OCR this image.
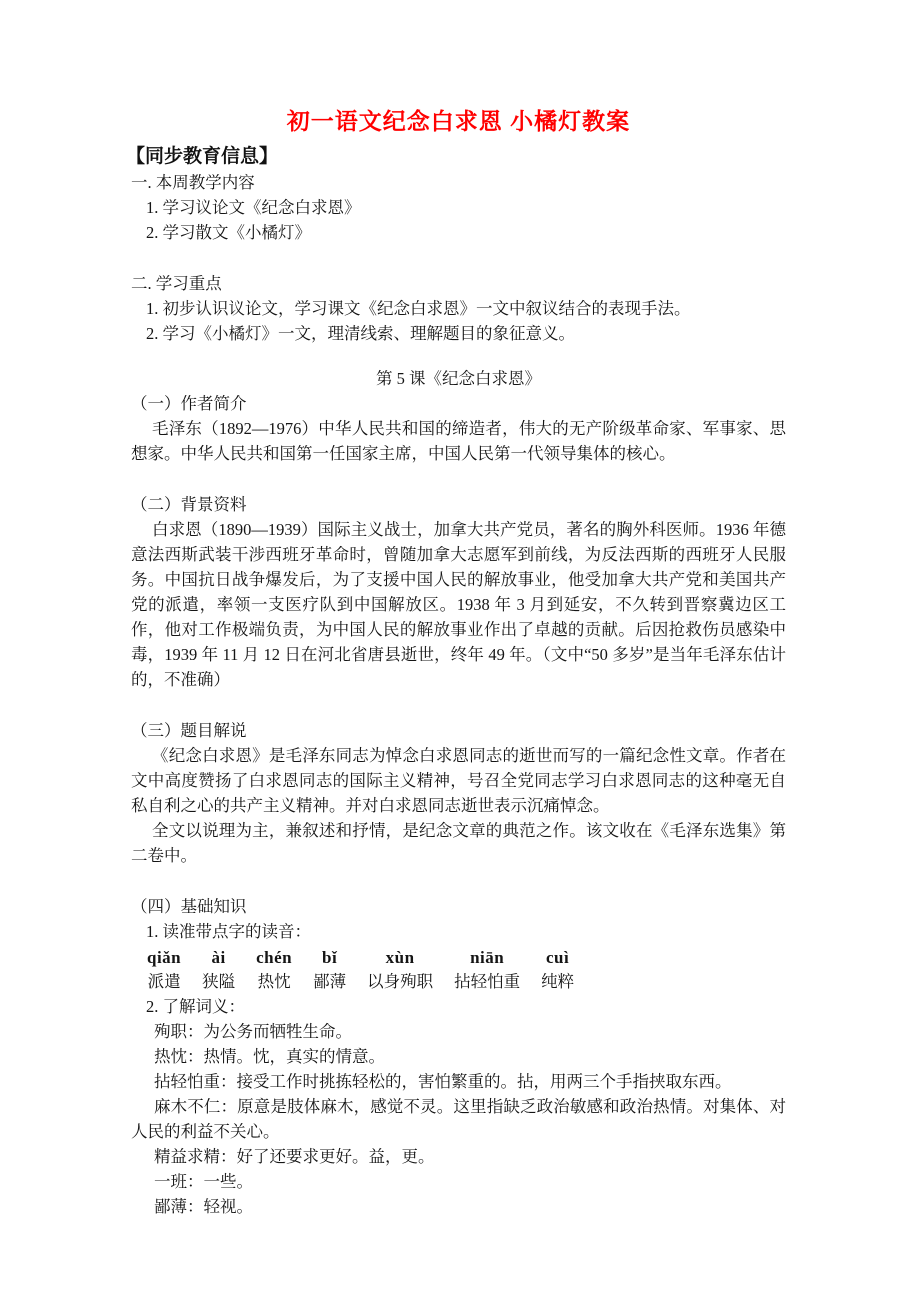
初一语文纪念白求恩 小橘灯教案
【同步教育信息】

一. 本周教学内容

1. 学习议论文《纪念白求恩》

2. 学习散文《小橘灯》

二. 学习重点

1. 初步认识议论文，学习课文《纪念白求恩》一文中叙议结合的表现手法。

2. 学习《小橘灯》一文，理清线索、理解题目的象征意义。

第 5 课《纪念白求恩》

（一）作者简介

毛泽东（1892—1976）中华人民共和国的缔造者，伟大的无产阶级革命家、军事家、思想家。中华人民共和国第一任国家主席，中国人民第一代领导集体的核心。

（二）背景资料

白求恩（1890—1939）国际主义战士，加拿大共产党员，著名的胸外科医师。1936 年德意法西斯武装干涉西班牙革命时，曾随加拿大志愿军到前线，为反法西斯的西班牙人民服务。中国抗日战争爆发后，为了支援中国人民的解放事业，他受加拿大共产党和美国共产党的派遣，率领一支医疗队到中国解放区。1938 年 3 月到延安，不久转到晋察冀边区工作，他对工作极端负责，为中国人民的解放事业作出了卓越的贡献。后因抢救伤员感染中毒，1939 年 11 月 12 日在河北省唐县逝世，终年 49 年。（文中“50 多岁”是当年毛泽东估计的，不准确）

（三）题目解说

《纪念白求恩》是毛泽东同志为悼念白求恩同志的逝世而写的一篇纪念性文章。作者在文中高度赞扬了白求恩同志的国际主义精神，号召全党同志学习白求恩同志的这种毫无自私自利之心的共产主义精神。并对白求恩同志逝世表示沉痛悼念。

全文以说理为主，兼叙述和抒情，是纪念文章的典范之作。该文收在《毛泽东选集》第二卷中。

（四）基础知识

1. 读准带点字的读音：

qiǎn
派遣
ài
狭隘
chén
热忱
bǐ
鄙薄
xùn
以身殉职
niān
拈轻怕重
cuì
纯粹

2. 了解词义：

殉职：为公务而牺牲生命。

热忱：热情。忱，真实的情意。

拈轻怕重：接受工作时挑拣轻松的，害怕繁重的。拈，用两三个手指挟取东西。

麻木不仁：原意是肢体麻木，感觉不灵。这里指缺乏政治敏感和政治热情。对集体、对人民的利益不关心。

精益求精：好了还要求更好。益，更。

一班：一些。

鄙薄：轻视。
